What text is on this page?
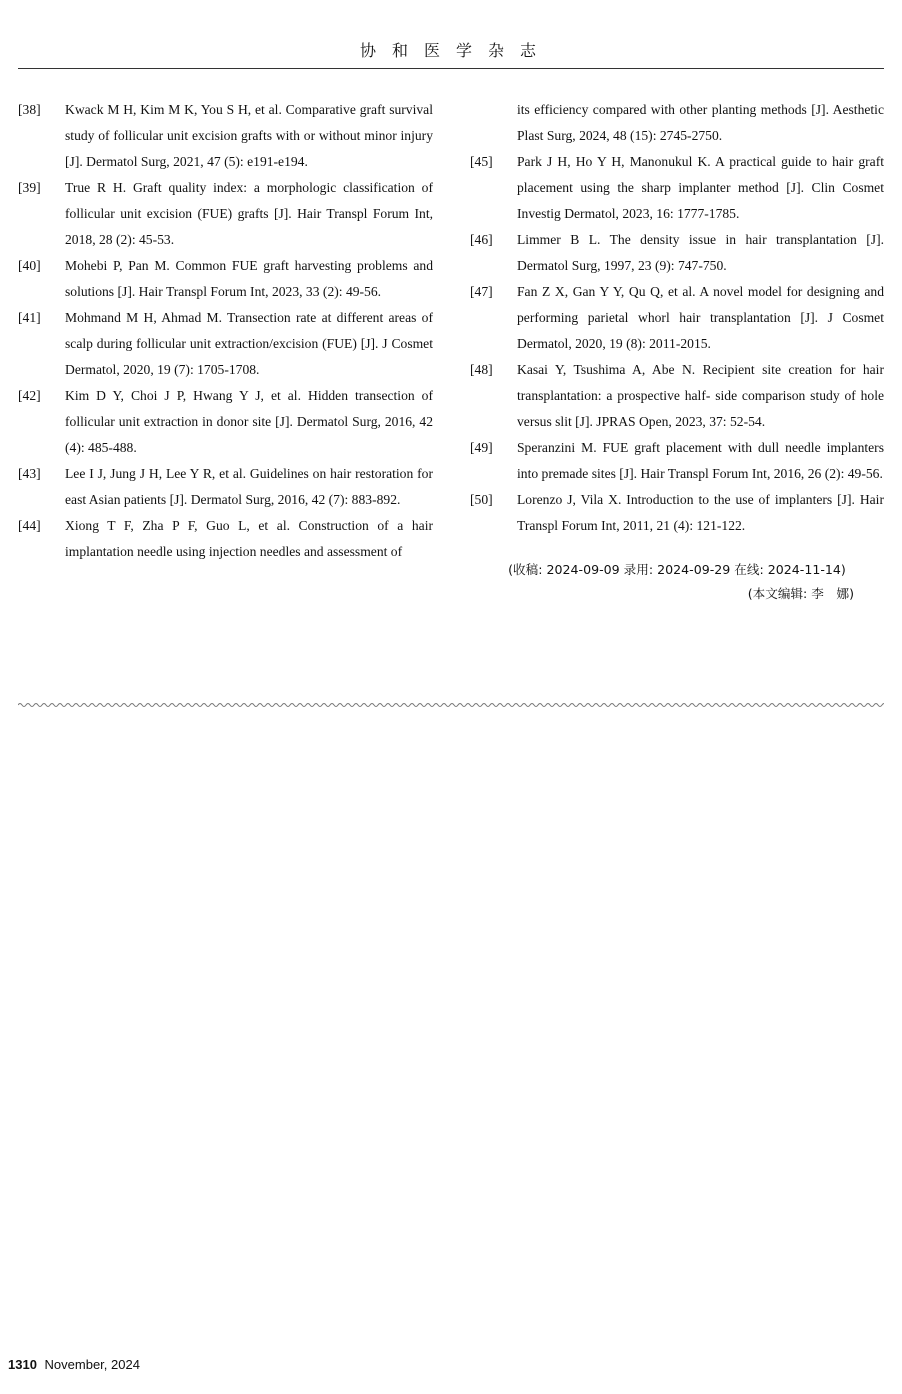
协 和 医 学 杂 志
[38]	Kwack M H, Kim M K, You S H, et al. Comparative graft survival study of follicular unit excision grafts with or without minor injury [J]. Dermatol Surg, 2021, 47 (5): e191-e194.
[39]	True R H. Graft quality index: a morphologic classification of follicular unit excision (FUE) grafts [J]. Hair Transpl Forum Int, 2018, 28 (2): 45-53.
[40]	Mohebi P, Pan M. Common FUE graft harvesting problems and solutions [J]. Hair Transpl Forum Int, 2023, 33 (2): 49-56.
[41]	Mohmand M H, Ahmad M. Transection rate at different areas of scalp during follicular unit extraction/excision (FUE) [J]. J Cosmet Dermatol, 2020, 19 (7): 1705-1708.
[42]	Kim D Y, Choi J P, Hwang Y J, et al. Hidden transection of follicular unit extraction in donor site [J]. Dermatol Surg, 2016, 42 (4): 485-488.
[43]	Lee I J, Jung J H, Lee Y R, et al. Guidelines on hair restoration for east Asian patients [J]. Dermatol Surg, 2016, 42 (7): 883-892.
[44]	Xiong T F, Zha P F, Guo L, et al. Construction of a hair implantation needle using injection needles and assessment of
its efficiency compared with other planting methods [J]. Aesthetic Plast Surg, 2024, 48 (15): 2745-2750.
[45]	Park J H, Ho Y H, Manonukul K. A practical guide to hair graft placement using the sharp implanter method [J]. Clin Cosmet Investig Dermatol, 2023, 16: 1777-1785.
[46]	Limmer B L. The density issue in hair transplantation [J]. Dermatol Surg, 1997, 23 (9): 747-750.
[47]	Fan Z X, Gan Y Y, Qu Q, et al. A novel model for designing and performing parietal whorl hair transplantation [J]. J Cosmet Dermatol, 2020, 19 (8): 2011-2015.
[48]	Kasai Y, Tsushima A, Abe N. Recipient site creation for hair transplantation: a prospective half- side comparison study of hole versus slit [J]. JPRAS Open, 2023, 37: 52-54.
[49]	Speranzini M. FUE graft placement with dull needle implanters into premade sites [J]. Hair Transpl Forum Int, 2016, 26 (2): 49-56.
[50]	Lorenzo J, Vila X. Introduction to the use of implanters [J]. Hair Transpl Forum Int, 2011, 21 (4): 121-122.
(收稿: 2024-09-09 录用: 2024-09-29 在线: 2024-11-14)
(本文编辑: 李　娜)
1310 November, 2024
